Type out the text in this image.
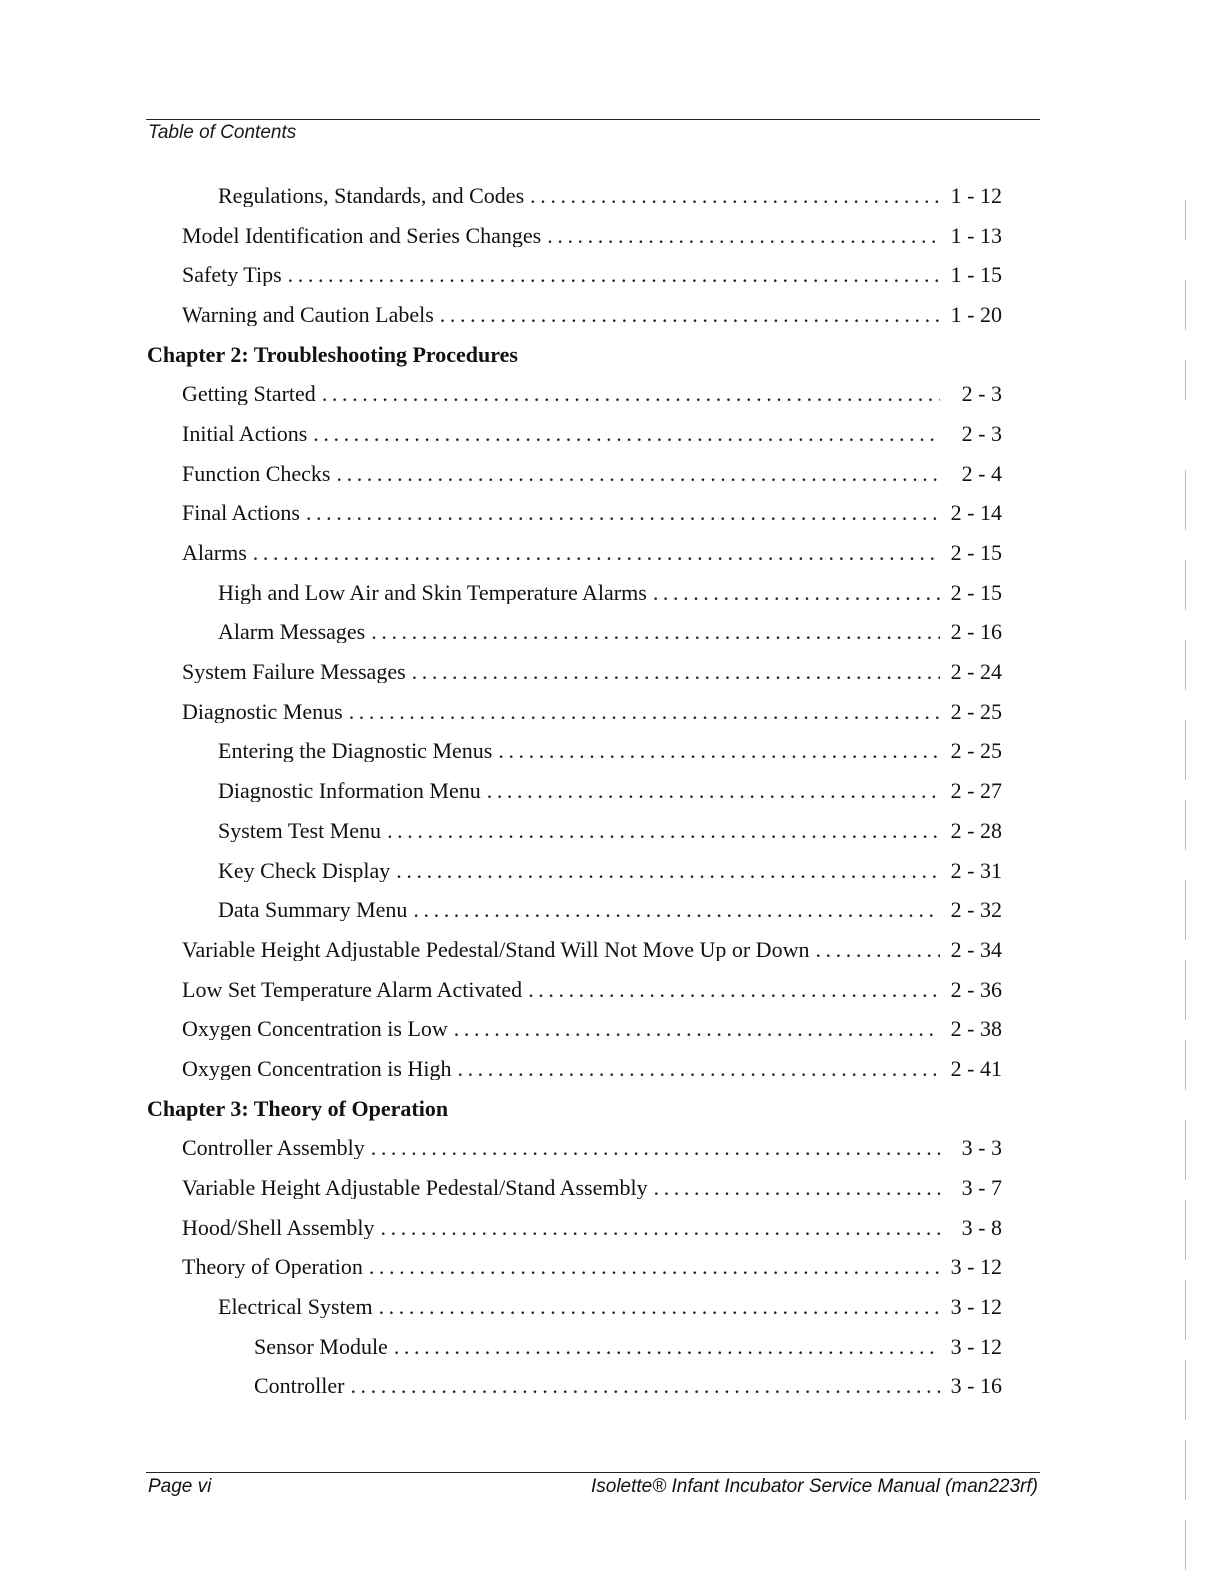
Table of Contents
Regulations, Standards, and Codes .....	1 - 12
Model Identification and Series Changes .....	1 - 13
Safety Tips .....	1 - 15
Warning and Caution Labels .....	1 - 20
Chapter 2: Troubleshooting Procedures
Getting Started .....	2 - 3
Initial Actions .....	2 - 3
Function Checks .....	2 - 4
Final Actions .....	2 - 14
Alarms .....	2 - 15
High and Low Air and Skin Temperature Alarms .....	2 - 15
Alarm Messages .....	2 - 16
System Failure Messages .....	2 - 24
Diagnostic Menus .....	2 - 25
Entering the Diagnostic Menus .....	2 - 25
Diagnostic Information Menu .....	2 - 27
System Test Menu .....	2 - 28
Key Check Display .....	2 - 31
Data Summary Menu .....	2 - 32
Variable Height Adjustable Pedestal/Stand Will Not Move Up or Down .....	2 - 34
Low Set Temperature Alarm Activated .....	2 - 36
Oxygen Concentration is Low .....	2 - 38
Oxygen Concentration is High .....	2 - 41
Chapter 3: Theory of Operation
Controller Assembly .....	3 - 3
Variable Height Adjustable Pedestal/Stand Assembly .....	3 - 7
Hood/Shell Assembly .....	3 - 8
Theory of Operation .....	3 - 12
Electrical System .....	3 - 12
Sensor Module .....	3 - 12
Controller .....	3 - 16
Page vi	Isolette® Infant Incubator Service Manual (man223rf)
